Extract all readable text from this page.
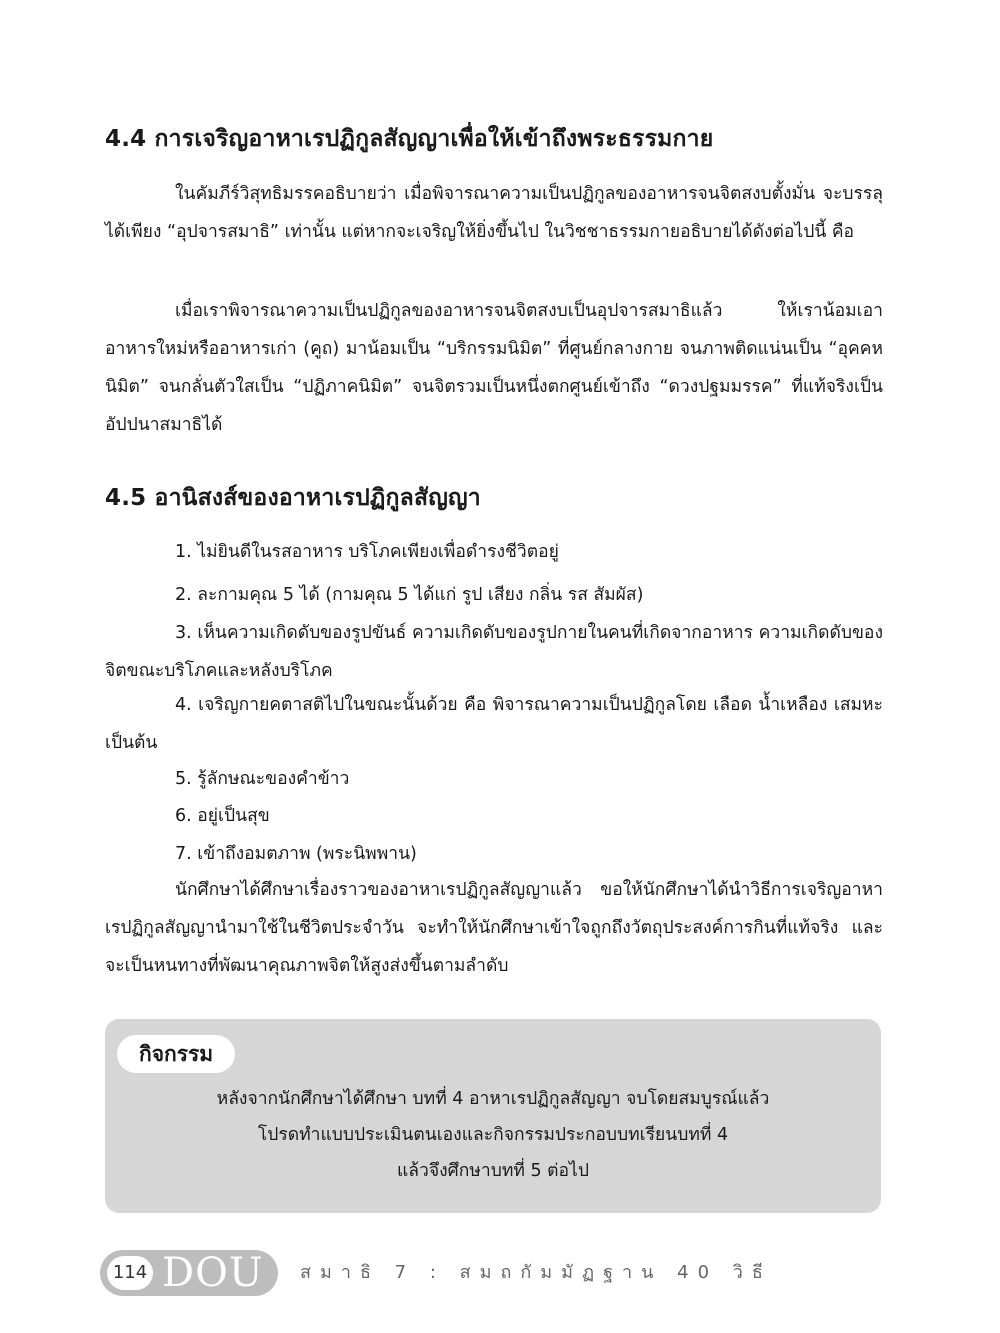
4.4 การเจริญอาหาเรปฏิกูลสัญญาเพื่อให้เข้าถึงพระธรรมกาย

ในคัมภีร์วิสุทธิมรรคอธิบายว่า เมื่อพิจารณาความเป็นปฏิกูลของอาหารจนจิตสงบตั้งมั่น จะบรรลุได้เพียง “อุปจารสมาธิ” เท่านั้น แต่หากจะเจริญให้ยิ่งขึ้นไป ในวิชชาธรรมกายอธิบายได้ดังต่อไปนี้ คือ

เมื่อเราพิจารณาความเป็นปฏิกูลของอาหารจนจิตสงบเป็นอุปจารสมาธิแล้ว ให้เราน้อมเอาอาหารใหม่หรืออาหารเก่า (คูถ) มาน้อมเป็น “บริกรรมนิมิต” ที่ศูนย์กลางกาย จนภาพติดแน่นเป็น “อุคคหนิมิต” จนกลั่นตัวใสเป็น “ปฏิภาคนิมิต” จนจิตรวมเป็นหนึ่งตกศูนย์เข้าถึง “ดวงปฐมมรรค” ที่แท้จริงเป็นอัปปนาสมาธิได้

4.5 อานิสงส์ของอาหาเรปฏิกูลสัญญา

1. ไม่ยินดีในรสอาหาร บริโภคเพียงเพื่อดำรงชีวิตอยู่

2. ละกามคุณ 5 ได้ (กามคุณ 5 ได้แก่ รูป เสียง กลิ่น รส สัมผัส)

3. เห็นความเกิดดับของรูปขันธ์ ความเกิดดับของรูปกายในคนที่เกิดจากอาหาร ความเกิดดับของจิตขณะบริโภคและหลังบริโภค

4. เจริญกายคตาสติไปในขณะนั้นด้วย คือ พิจารณาความเป็นปฏิกูลโดย เลือด น้ำเหลือง เสมหะ เป็นต้น

5. รู้ลักษณะของคำข้าว

6. อยู่เป็นสุข

7. เข้าถึงอมตภาพ (พระนิพพาน)

นักศึกษาได้ศึกษาเรื่องราวของอาหาเรปฏิกูลสัญญาแล้ว ขอให้นักศึกษาได้นำวิธีการเจริญอาหาเรปฏิกูลสัญญานำมาใช้ในชีวิตประจำวัน จะทำให้นักศึกษาเข้าใจถูกถึงวัตถุประสงค์การกินที่แท้จริง และจะเป็นหนทางที่พัฒนาคุณภาพจิตให้สูงส่งขึ้นตามลำดับ

กิจกรรม
หลังจากนักศึกษาได้ศึกษา บทที่ 4 อาหาเรปฏิกูลสัญญา จบโดยสมบูรณ์แล้ว
โปรดทำแบบประเมินตนเองและกิจกรรมประกอบบทเรียนบทที่ 4
แล้วจึงศึกษาบทที่ 5 ต่อไป
114 DOU สมาธิ 7 : สมถกัมมัฏฐาน 40 วิธี
